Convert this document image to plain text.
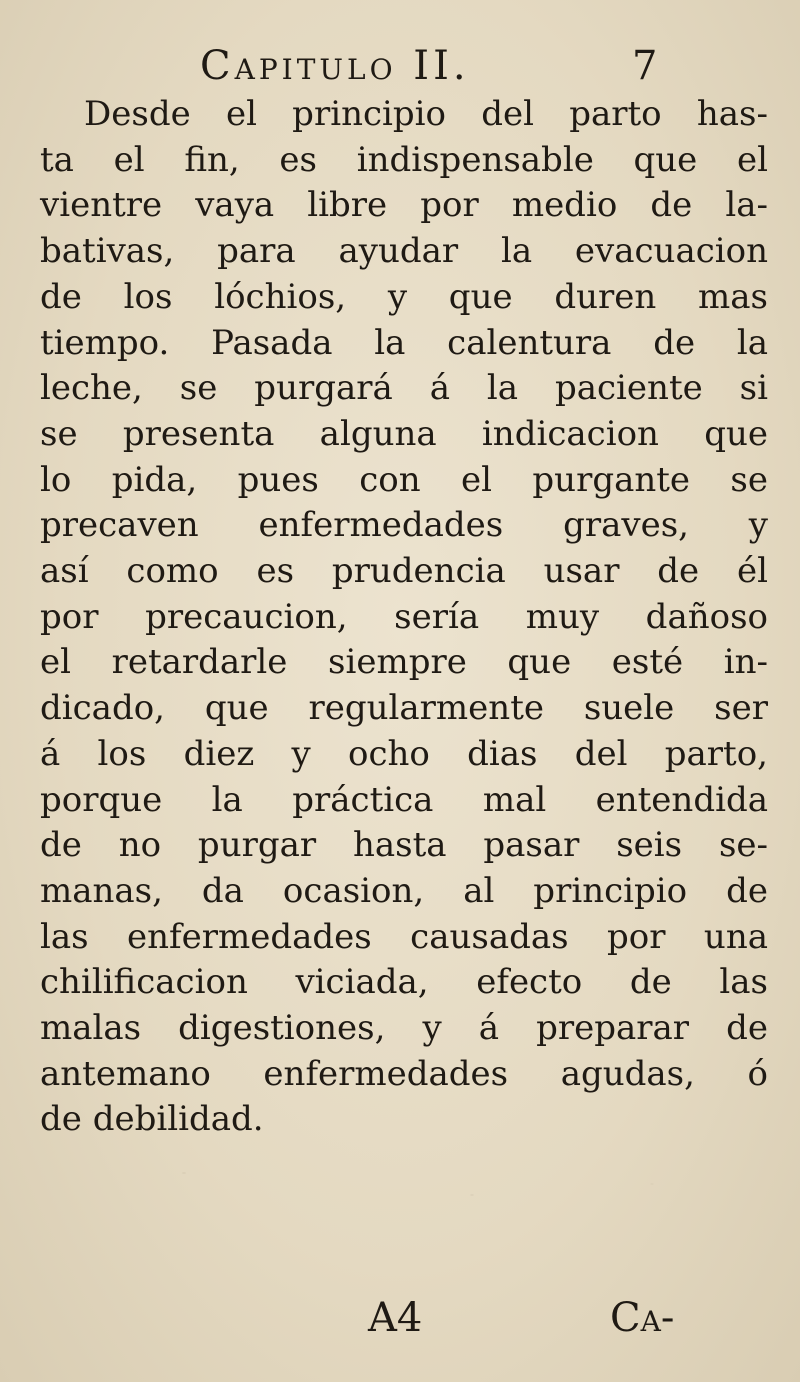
Capitulo II.	7

Desde el principio del parto has-
ta el fin, es indispensable que el
vientre vaya libre por medio de la-
bativas, para ayudar la evacuacion
de los lóchios, y que duren mas
tiempo. Pasada la calentura de la
leche, se purgará á la paciente si
se presenta alguna indicacion que
lo pida, pues con el purgante se
precaven enfermedades graves, y
así como es prudencia usar de él
por precaucion, sería muy dañoso
el retardarle siempre que esté in-
dicado, que regularmente suele ser
á los diez y ocho dias del parto,
porque la práctica mal entendida
de no purgar hasta pasar seis se-
manas, da ocasion, al principio de
las enfermedades causadas por una
chilificacion viciada, efecto de las
malas digestiones, y á preparar de
antemano enfermedades agudas, ó
de debilidad.

A4	Ca-
